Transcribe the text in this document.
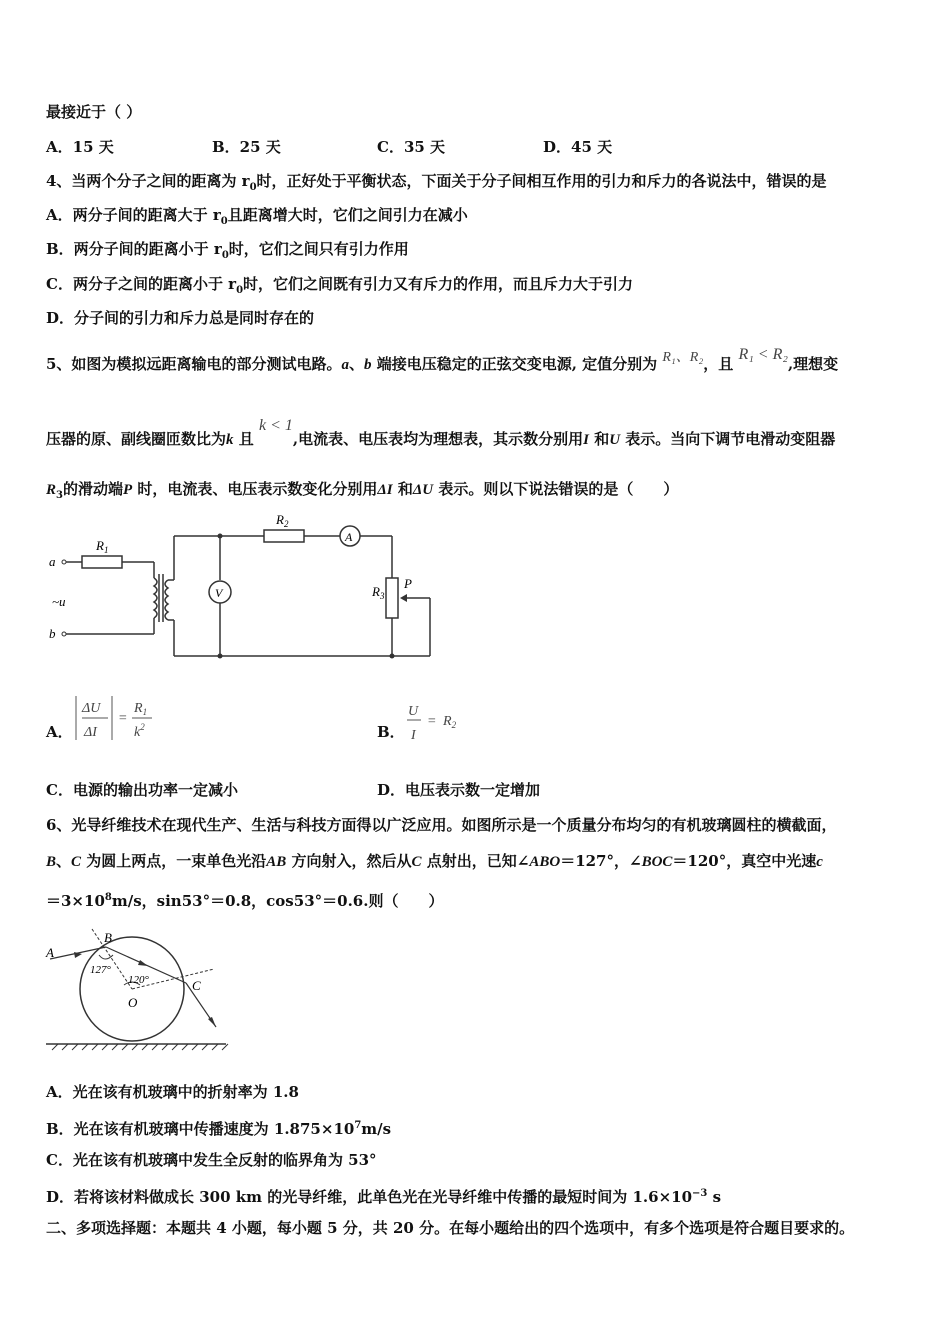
最接近于（ ）
A．15 天	B．25 天	C．35 天	D．45 天
4、当两个分子之间的距离为 $r_0$时，正好处于平衡状态，下面关于分子间相互作用的引力和斥力的各说法中，错误的是
A．两分子间的距离大于 $r_0$且距离增大时，它们之间引力在减小
B．两分子间的距离小于 $r_0$时，它们之间只有引力作用
C．两分子之间的距离小于 $r_0$时，它们之间既有引力又有斥力的作用，而且斥力大于引力
D．分子间的引力和斥力总是同时存在的
5、如图为模拟远距离输电的部分测试电路。a、b 端接电压稳定的正弦交变电源, 定值分别为 R₁、R₂，且 R₁ < R₂,理想变
压器的原、副线圈匝数比为k 且 k < 1,电流表、电压表均为理想表，其示数分别用I 和U 表示。当向下调节电滑动变阻器
$R_3$的滑动端P 时，电流表、电压表示数变化分别用ΔI 和ΔU 表示。则以下说法错误的是（　　）
a
b
~u
$R_1$
$R_2$
$R_3$
P
V
A
A．
ΔU
ΔI
=
$R_1$
$k^2$	B．
U
I
= $R_2$
C．电源的输出功率一定减小	D．电压表示数一定增加
6、光导纤维技术在现代生产、生活与科技方面得以广泛应用。如图所示是一个质量分布均匀的有机玻璃圆柱的横截面，
B、C 为圆上两点，一束单色光沿AB 方向射入，然后从C 点射出，已知∠ABO＝127°，∠BOC＝120°，真空中光速c
$=3\times 10^8m/s$，sin53°＝0.8，cos53°＝0.6.则（　　）
A
B
O
C
127°
120°
A．光在该有机玻璃中的折射率为 1.8
B．光在该有机玻璃中传播速度为 $1.875\times 10^7m/s$
C．光在该有机玻璃中发生全反射的临界角为 53°
D．若将该材料做成长 300 km 的光导纤维，此单色光在光导纤维中传播的最短时间为 $1.6\times 10^{-3}$ s
二、多项选择题：本题共 4 小题，每小题 5 分，共 20 分。在每小题给出的四个选项中，有多个选项是符合题目要求的。
